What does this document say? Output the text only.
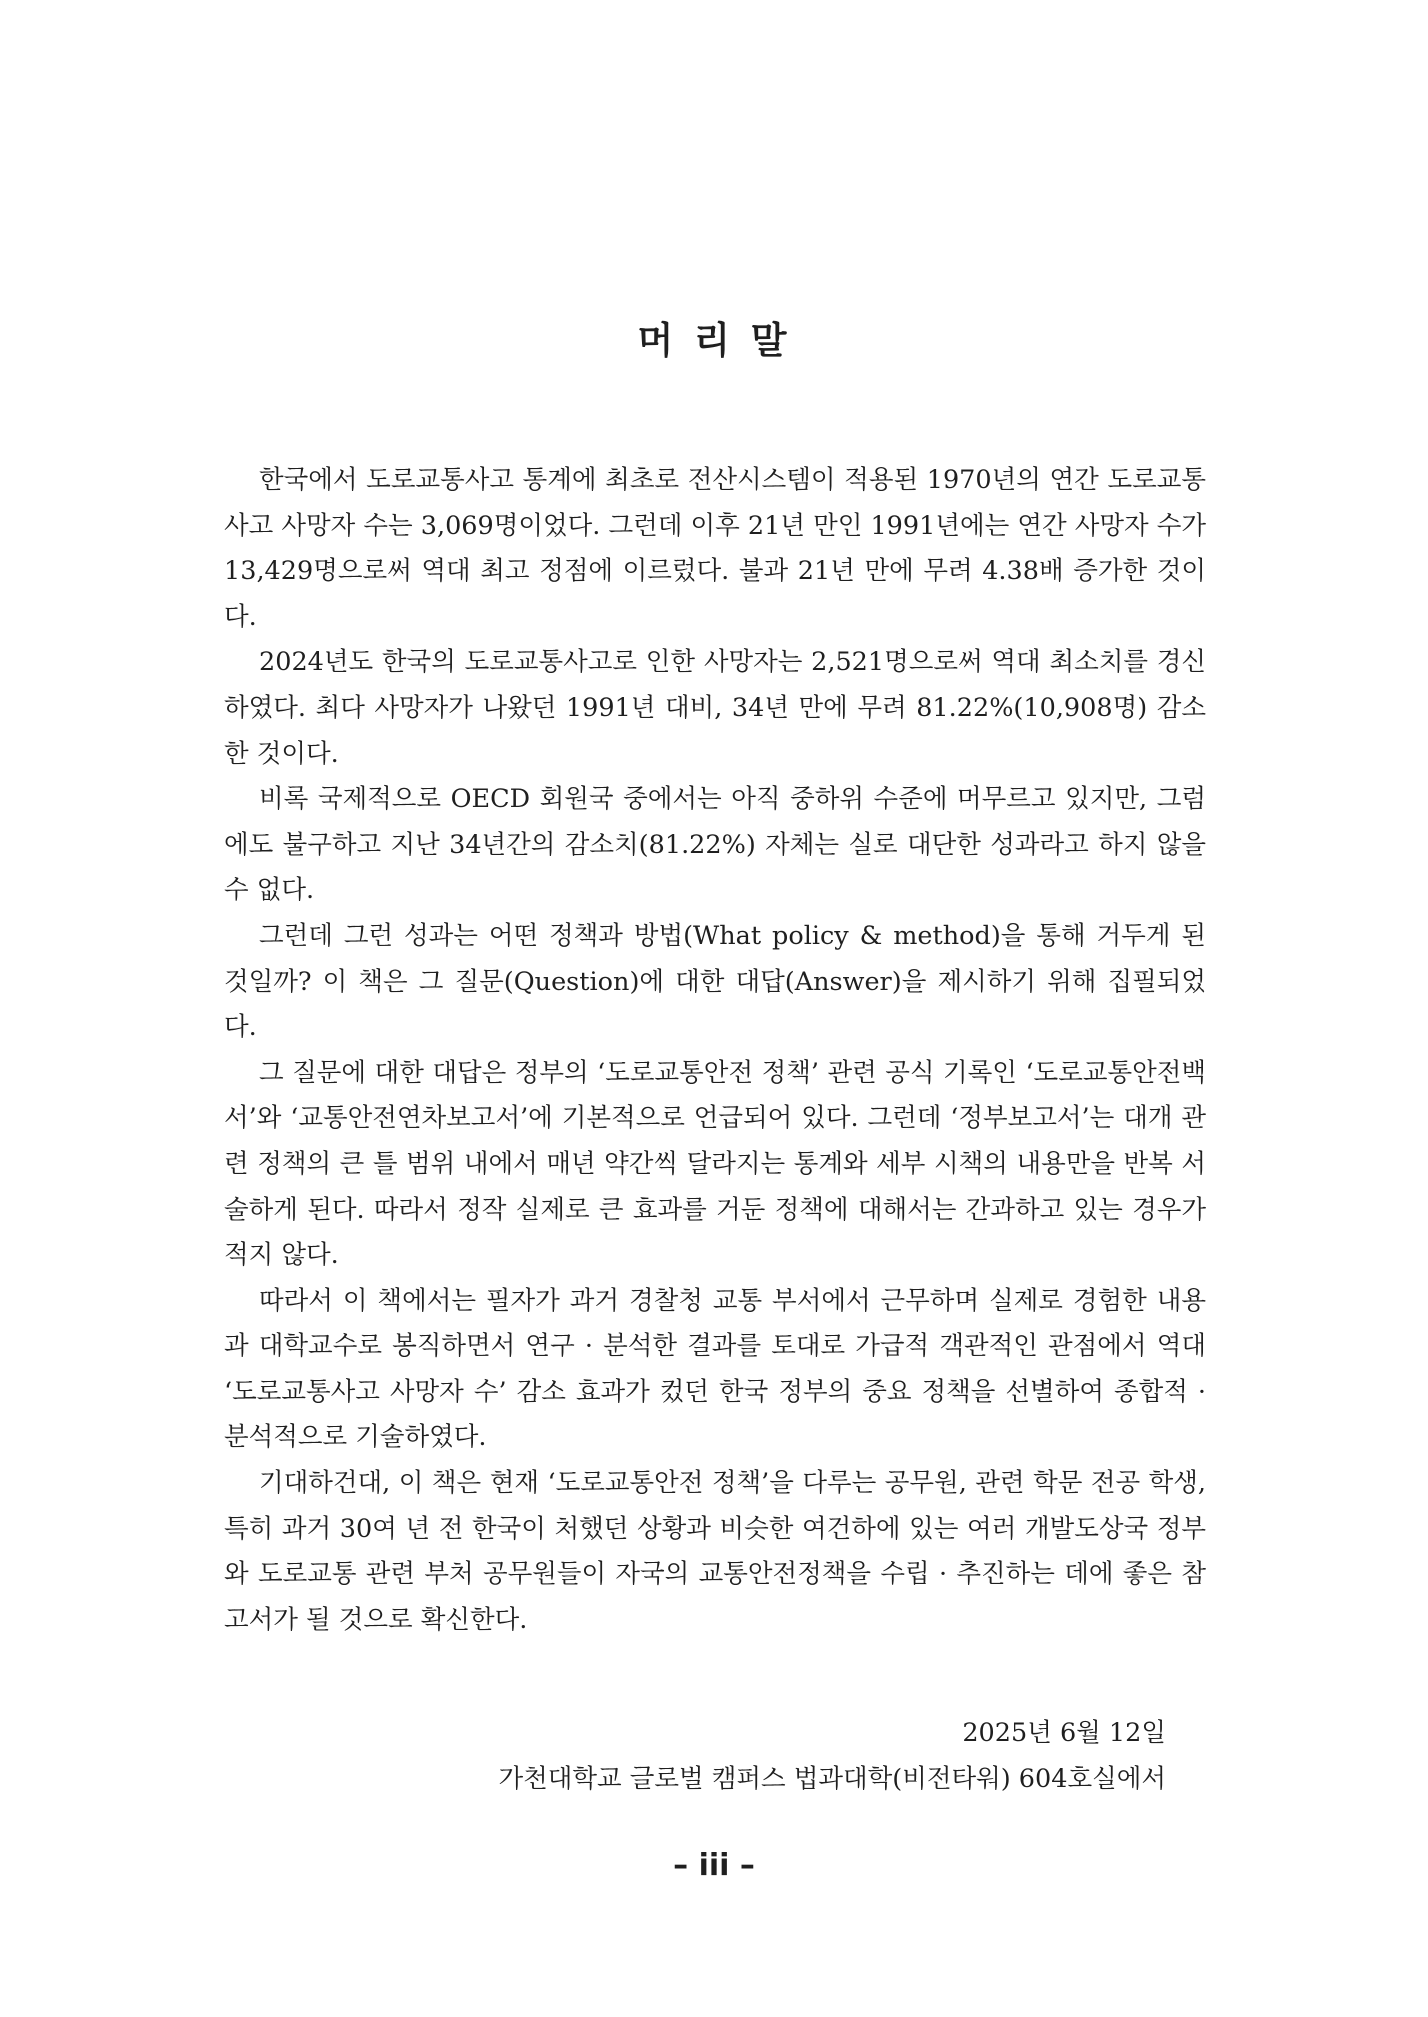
머 리 말

한국에서 도로교통사고 통계에 최초로 전산시스템이 적용된 1970년의 연간 도로교통사고 사망자 수는 3,069명이었다. 그런데 이후 21년 만인 1991년에는 연간 사망자 수가 13,429명으로써 역대 최고 정점에 이르렀다. 불과 21년 만에 무려 4.38배 증가한 것이다.

2024년도 한국의 도로교통사고로 인한 사망자는 2,521명으로써 역대 최소치를 경신하였다. 최다 사망자가 나왔던 1991년 대비, 34년 만에 무려 81.22%(10,908명) 감소한 것이다.

비록 국제적으로 OECD 회원국 중에서는 아직 중하위 수준에 머무르고 있지만, 그럼에도 불구하고 지난 34년간의 감소치(81.22%) 자체는 실로 대단한 성과라고 하지 않을 수 없다.

그런데 그런 성과는 어떤 정책과 방법(What policy & method)을 통해 거두게 된 것일까? 이 책은 그 질문(Question)에 대한 대답(Answer)을 제시하기 위해 집필되었다.

그 질문에 대한 대답은 정부의 ‘도로교통안전 정책’ 관련 공식 기록인 ‘도로교통안전백서’와 ‘교통안전연차보고서’에 기본적으로 언급되어 있다. 그런데 ‘정부보고서’는 대개 관련 정책의 큰 틀 범위 내에서 매년 약간씩 달라지는 통계와 세부 시책의 내용만을 반복 서술하게 된다. 따라서 정작 실제로 큰 효과를 거둔 정책에 대해서는 간과하고 있는 경우가 적지 않다.

따라서 이 책에서는 필자가 과거 경찰청 교통 부서에서 근무하며 실제로 경험한 내용과 대학교수로 봉직하면서 연구 · 분석한 결과를 토대로 가급적 객관적인 관점에서 역대 ‘도로교통사고 사망자 수’ 감소 효과가 컸던 한국 정부의 중요 정책을 선별하여 종합적 · 분석적으로 기술하였다.

기대하건대, 이 책은 현재 ‘도로교통안전 정책’을 다루는 공무원, 관련 학문 전공 학생, 특히 과거 30여 년 전 한국이 처했던 상황과 비슷한 여건하에 있는 여러 개발도상국 정부와 도로교통 관련 부처 공무원들이 자국의 교통안전정책을 수립 · 추진하는 데에 좋은 참고서가 될 것으로 확신한다.

2025년 6월 12일
가천대학교 글로벌 캠퍼스 법과대학(비전타워) 604호실에서
– iii –
